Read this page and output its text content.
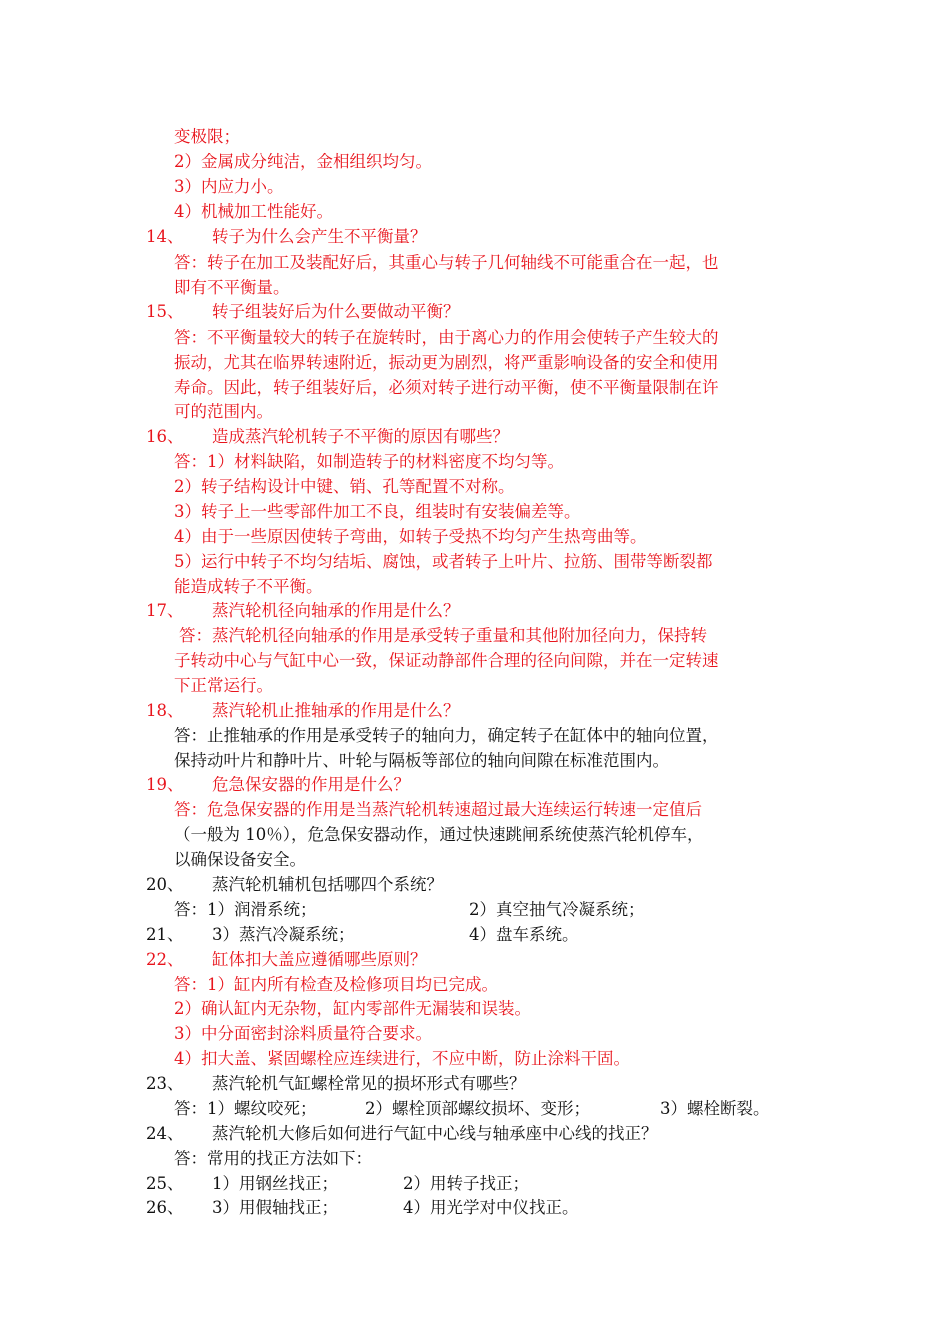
变极限；
2）金属成分纯洁，金相组织均匀。
3）内应力小。
4）机械加工性能好。
14、 转子为什么会产生不平衡量？
答：转子在加工及装配好后，其重心与转子几何轴线不可能重合在一起，也
即有不平衡量。
15、 转子组装好后为什么要做动平衡？
答：不平衡量较大的转子在旋转时，由于离心力的作用会使转子产生较大的
振动，尤其在临界转速附近，振动更为剧烈，将严重影响设备的安全和使用
寿命。因此，转子组装好后，必须对转子进行动平衡，使不平衡量限制在许
可的范围内。
16、 造成蒸汽轮机转子不平衡的原因有哪些？
答：1）材料缺陷，如制造转子的材料密度不均匀等。
2）转子结构设计中键、销、孔等配置不对称。
3）转子上一些零部件加工不良，组装时有安装偏差等。
4）由于一些原因使转子弯曲，如转子受热不均匀产生热弯曲等。
5）运行中转子不均匀结垢、腐蚀，或者转子上叶片、拉筋、围带等断裂都
能造成转子不平衡。
17、 蒸汽轮机径向轴承的作用是什么？
答：蒸汽轮机径向轴承的作用是承受转子重量和其他附加径向力，保持转
子转动中心与气缸中心一致，保证动静部件合理的径向间隙，并在一定转速
下正常运行。
18、 蒸汽轮机止推轴承的作用是什么？
答：止推轴承的作用是承受转子的轴向力，确定转子在缸体中的轴向位置，
保持动叶片和静叶片、叶轮与隔板等部位的轴向间隙在标准范围内。
19、 危急保安器的作用是什么？
答：危急保安器的作用是当蒸汽轮机转速超过最大连续运行转速一定值后
（一般为 10％），危急保安器动作，通过快速跳闸系统使蒸汽轮机停车，
以确保设备安全。
20、 蒸汽轮机辅机包括哪四个系统？
答：1）润滑系统；	2）真空抽气冷凝系统；
21、 3）蒸汽冷凝系统；	4）盘车系统。
22、 缸体扣大盖应遵循哪些原则？
答：1）缸内所有检查及检修项目均已完成。
2）确认缸内无杂物，缸内零部件无漏装和误装。
3）中分面密封涂料质量符合要求。
4）扣大盖、紧固螺栓应连续进行，不应中断，防止涂料干固。
23、 蒸汽轮机气缸螺栓常见的损坏形式有哪些？
答：1）螺纹咬死；	2）螺栓顶部螺纹损坏、变形；	3）螺栓断裂。
24、 蒸汽轮机大修后如何进行气缸中心线与轴承座中心线的找正？
答：常用的找正方法如下：
25、 1）用钢丝找正；	2）用转子找正；
26、 3）用假轴找正；	4）用光学对中仪找正。
